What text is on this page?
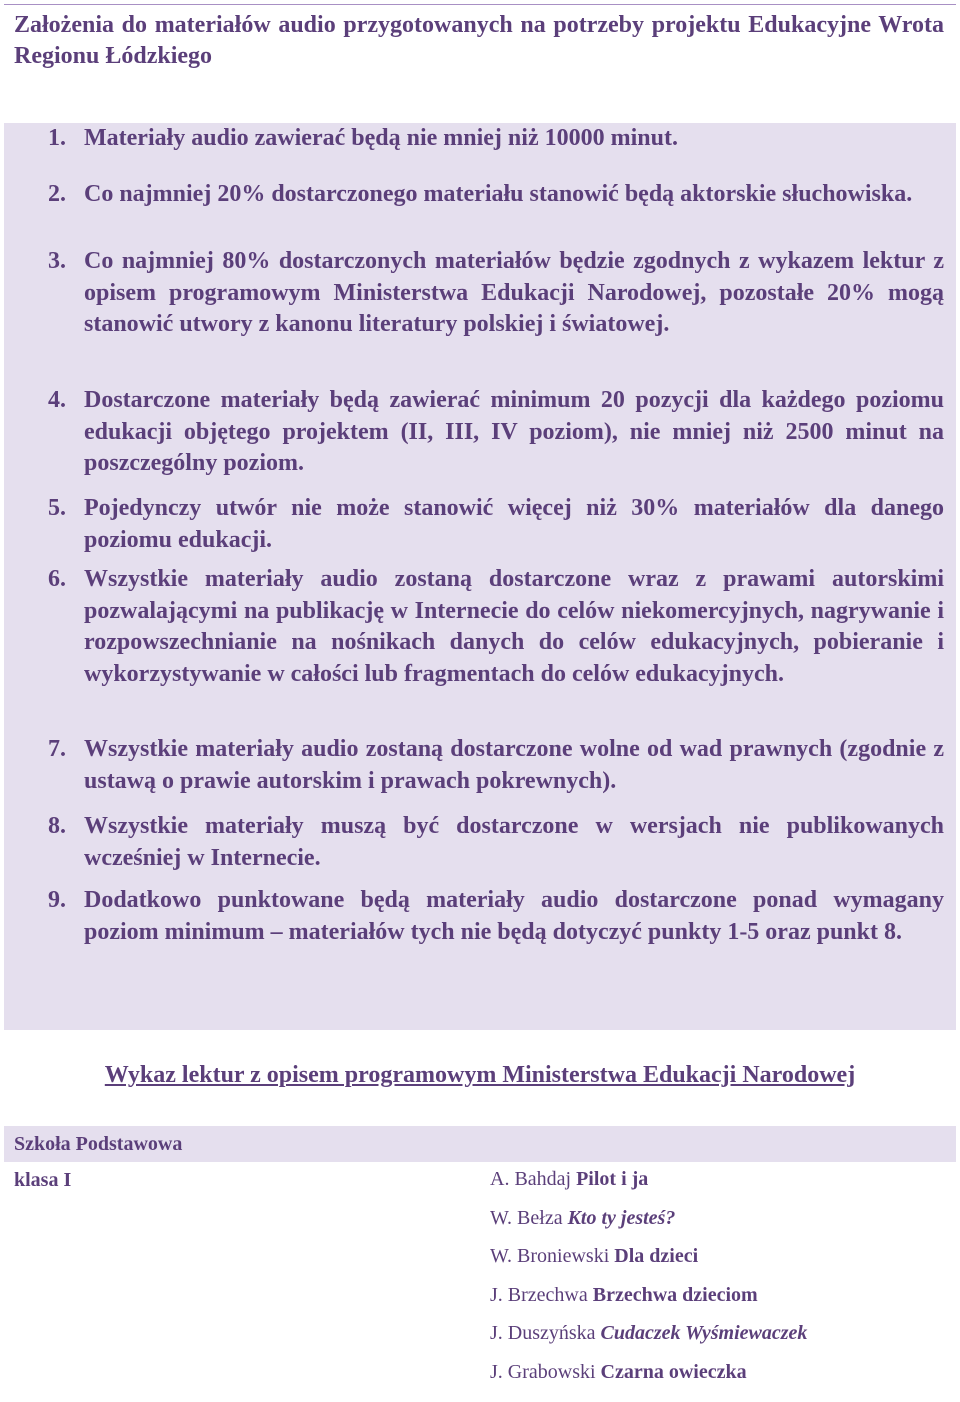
Założenia do materiałów audio przygotowanych na potrzeby projektu Edukacyjne Wrota Regionu Łódzkiego
1. Materiały audio zawierać będą nie mniej niż 10000 minut.
2. Co najmniej 20% dostarczonego materiału stanowić będą aktorskie słuchowiska.
3. Co najmniej 80% dostarczonych materiałów będzie zgodnych z wykazem lektur z opisem programowym Ministerstwa Edukacji Narodowej, pozostałe 20% mogą stanowić utwory z kanonu literatury polskiej i światowej.
4. Dostarczone materiały będą zawierać minimum 20 pozycji dla każdego poziomu edukacji objętego projektem (II, III, IV poziom), nie mniej niż 2500 minut na poszczególny poziom.
5. Pojedynczy utwór nie może stanowić więcej niż 30% materiałów dla danego poziomu edukacji.
6. Wszystkie materiały audio zostaną dostarczone wraz z prawami autorskimi pozwalającymi na publikację w Internecie do celów niekomercyjnych, nagrywanie i rozpowszechnianie na nośnikach danych do celów edukacyjnych, pobieranie i wykorzystywanie w całości lub fragmentach do celów edukacyjnych.
7. Wszystkie materiały audio zostaną dostarczone wolne od wad prawnych (zgodnie z ustawą o prawie autorskim i prawach pokrewnych).
8. Wszystkie materiały muszą być dostarczone w wersjach nie publikowanych wcześniej w Internecie.
9. Dodatkowo punktowane będą materiały audio dostarczone ponad wymagany poziom minimum – materiałów tych nie będą dotyczyć punkty 1-5 oraz punkt 8.
Wykaz lektur z opisem programowym Ministerstwa Edukacji Narodowej
Szkoła Podstawowa
klasa I	A. Bahdaj Pilot i ja
W. Bełza Kto ty jesteś?
W. Broniewski Dla dzieci
J. Brzechwa Brzechwa dzieciom
J. Duszyńska Cudaczek Wyśmiewaczek
J. Grabowski Czarna owieczka
